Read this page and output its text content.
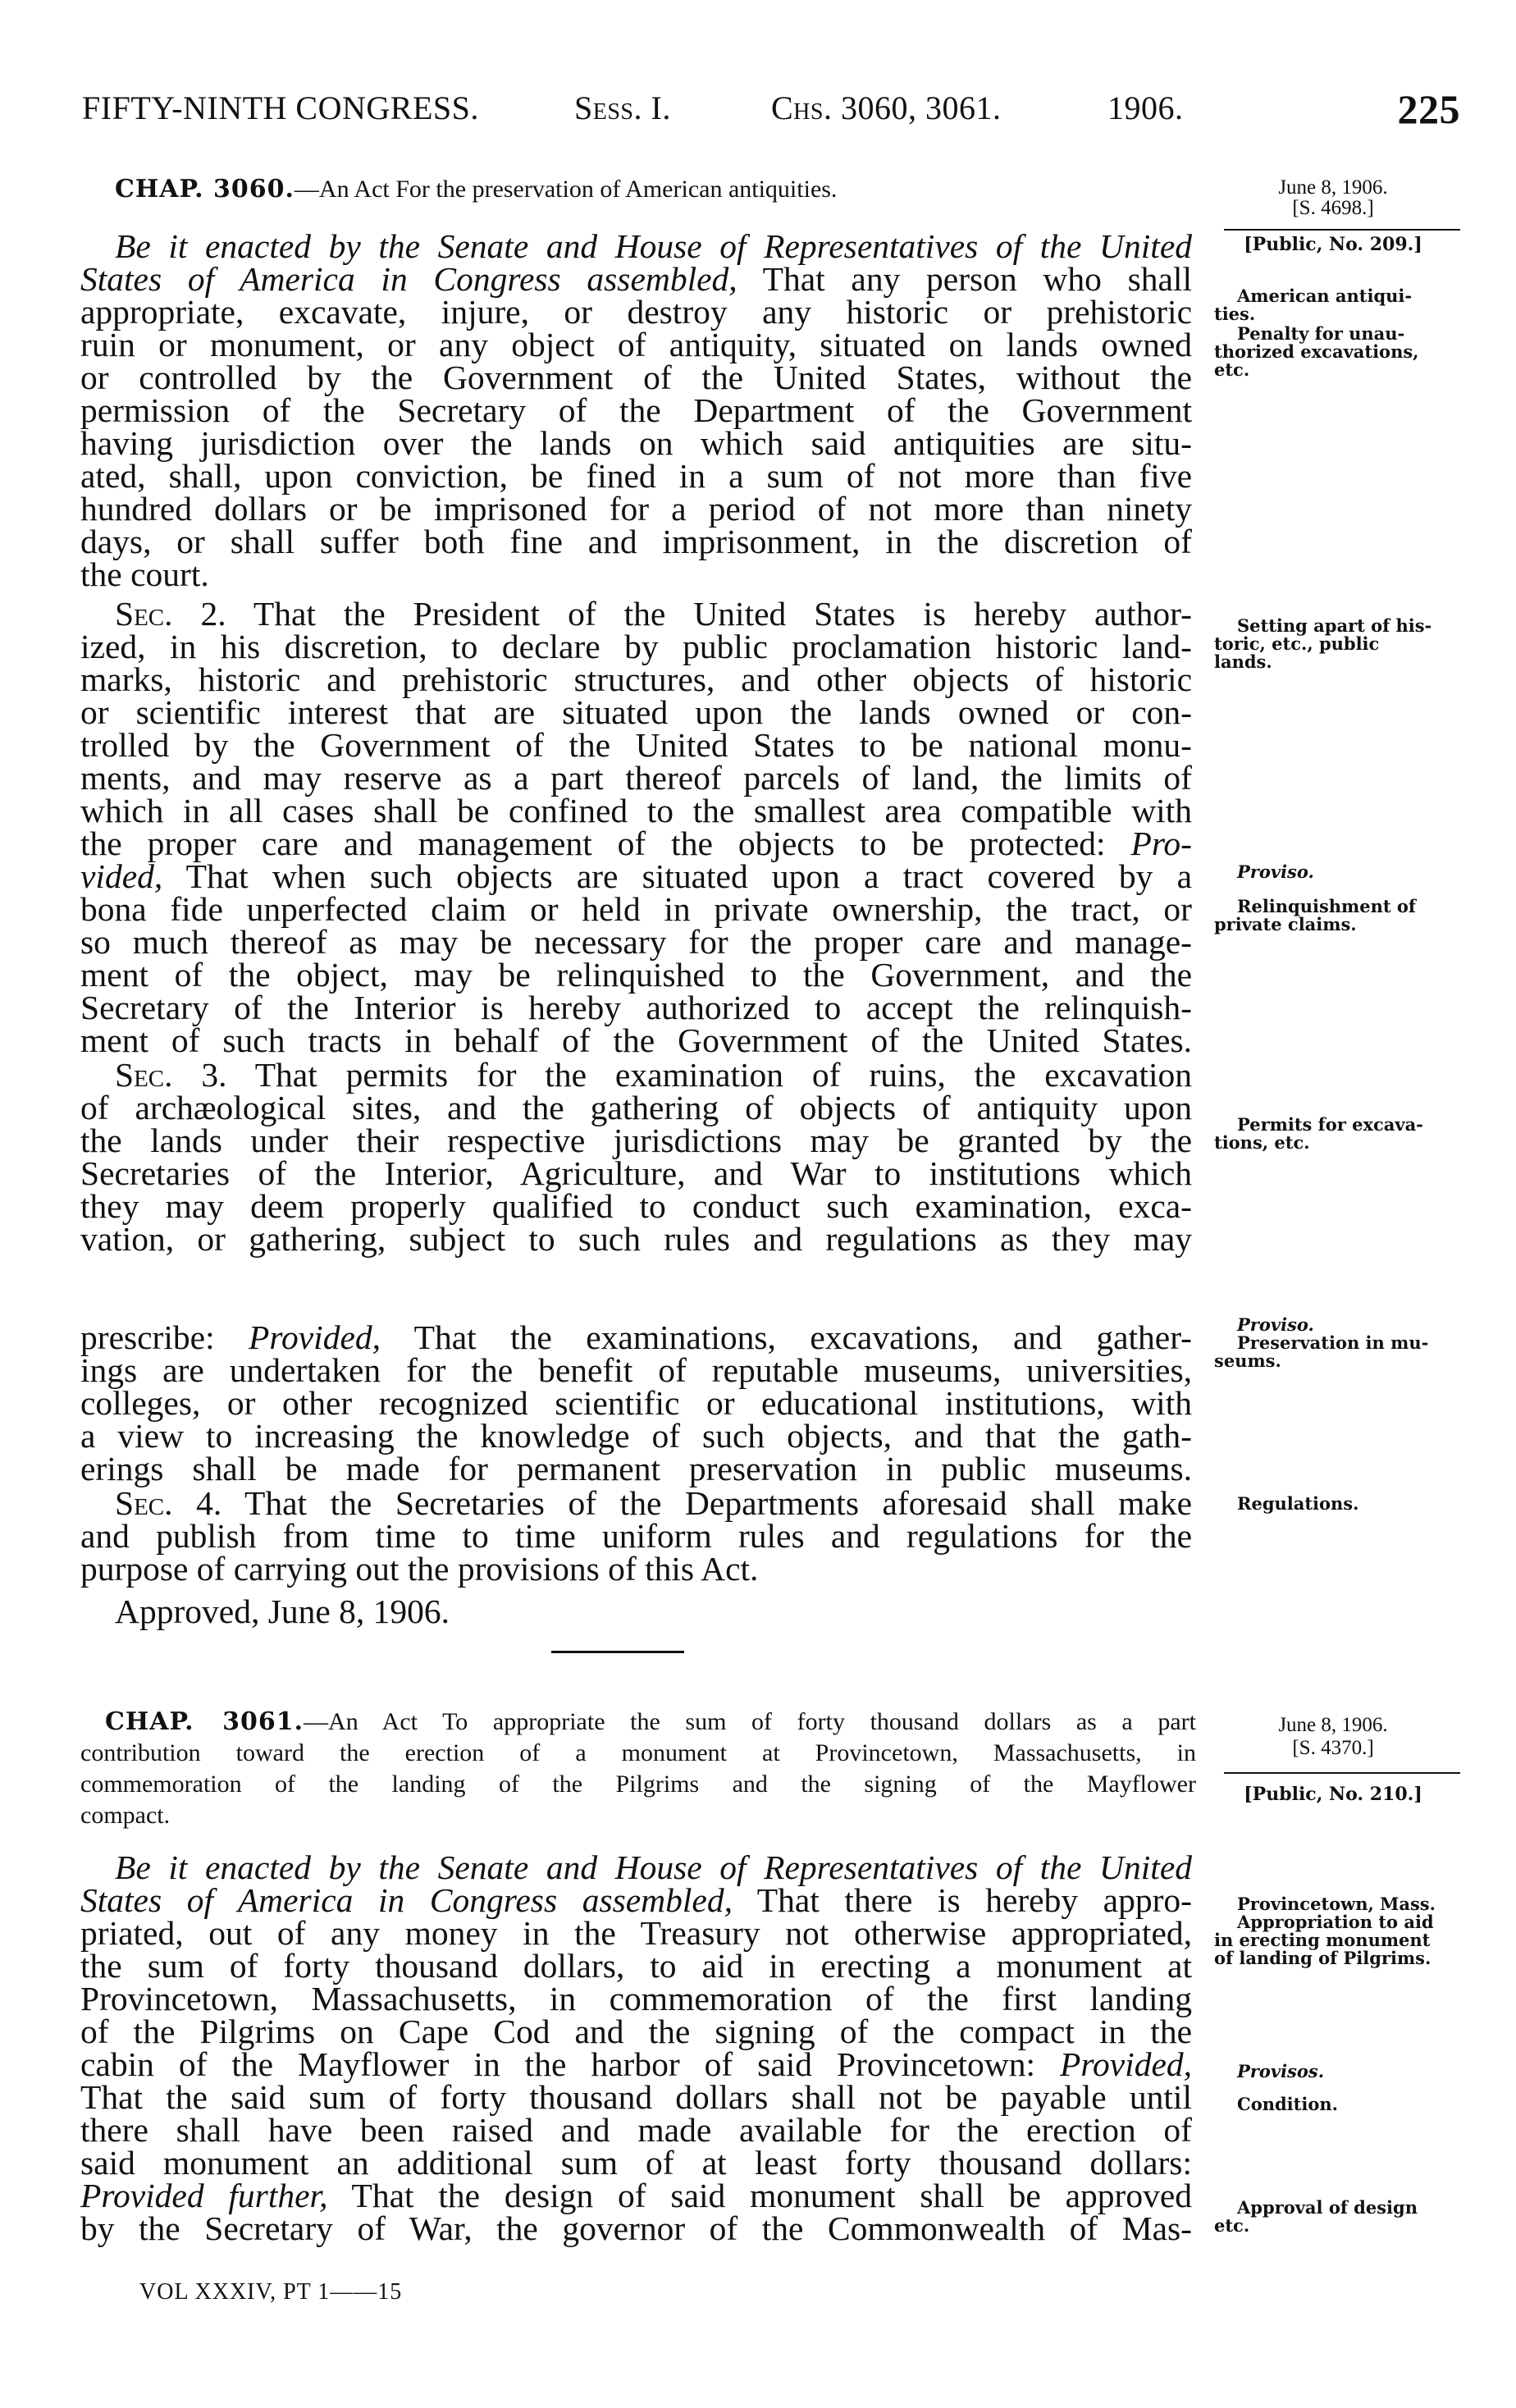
FIFTY-NINTH CONGRESS.	Sess. I.	Chs. 3060, 3061.	1906.	225
CHAP. 3060.—An Act For the preservation of American antiquities.	June 8, 1906.
[S. 4698.]
[Public, No. 209.]
Be it enacted by the Senate and House of Representatives of the United
States of America in Congress assembled, That any person who shall
appropriate, excavate, injure, or destroy any historic or prehistoric
ruin or monument, or any object of antiquity, situated on lands owned
or controlled by the Government of the United States, without the
permission of the Secretary of the Department of the Government
having jurisdiction over the lands on which said antiquities are situ-
ated, shall, upon conviction, be fined in a sum of not more than five
hundred dollars or be imprisoned for a period of not more than ninety
days, or shall suffer both fine and imprisonment, in the discretion of
the court.
Sec. 2. That the President of the United States is hereby author-
ized, in his discretion, to declare by public proclamation historic land-
marks, historic and prehistoric structures, and other objects of historic
or scientific interest that are situated upon the lands owned or con-
trolled by the Government of the United States to be national monu-
ments, and may reserve as a part thereof parcels of land, the limits of
which in all cases shall be confined to the smallest area compatible with
the proper care and management of the objects to be protected: Pro-
vided, That when such objects are situated upon a tract covered by a
bona fide unperfected claim or held in private ownership, the tract, or
so much thereof as may be necessary for the proper care and manage-
ment of the object, may be relinquished to the Government, and the
Secretary of the Interior is hereby authorized to accept the relinquish-
ment of such tracts in behalf of the Government of the United States.
Sec. 3. That permits for the examination of ruins, the excavation
of archæological sites, and the gathering of objects of antiquity upon
the lands under their respective jurisdictions may be granted by the
Secretaries of the Interior, Agriculture, and War to institutions which
they may deem properly qualified to conduct such examination, exca-
vation, or gathering, subject to such rules and regulations as they may
prescribe: Provided, That the examinations, excavations, and gather-
ings are undertaken for the benefit of reputable museums, universities,
colleges, or other recognized scientific or educational institutions, with
a view to increasing the knowledge of such objects, and that the gath-
erings shall be made for permanent preservation in public museums.
Sec. 4. That the Secretaries of the Departments aforesaid shall make
and publish from time to time uniform rules and regulations for the
purpose of carrying out the provisions of this Act.
Approved, June 8, 1906.
American antiqui-
ties.
Penalty for unau-
thorized excavations,
etc.
Setting apart of his-
toric, etc., public
lands.
Proviso.
Relinquishment of
private claims.
Permits for excava-
tions, etc.
Proviso.
Preservation in mu-
seums.
Regulations.
CHAP. 3061.—An Act To appropriate the sum of forty thousand dollars as a part
contribution toward the erection of a monument at Provincetown, Massachusetts, in
commemoration of the landing of the Pilgrims and the signing of the Mayflower
compact.
June 8, 1906.
[S. 4370.]
[Public, No. 210.]
Be it enacted by the Senate and House of Representatives of the United
States of America in Congress assembled, That there is hereby appro-
priated, out of any money in the Treasury not otherwise appropriated,
the sum of forty thousand dollars, to aid in erecting a monument at
Provincetown, Massachusetts, in commemoration of the first landing
of the Pilgrims on Cape Cod and the signing of the compact in the
cabin of the Mayflower in the harbor of said Provincetown: Provided,
That the said sum of forty thousand dollars shall not be payable until
there shall have been raised and made available for the erection of
said monument an additional sum of at least forty thousand dollars:
Provided further, That the design of said monument shall be approved
by the Secretary of War, the governor of the Commonwealth of Mas-
Provincetown, Mass.
Appropriation to aid
in erecting monument
of landing of Pilgrims.
Provisos.
Condition.
Approval of design
etc.
VOL XXXIV, PT 1——15
